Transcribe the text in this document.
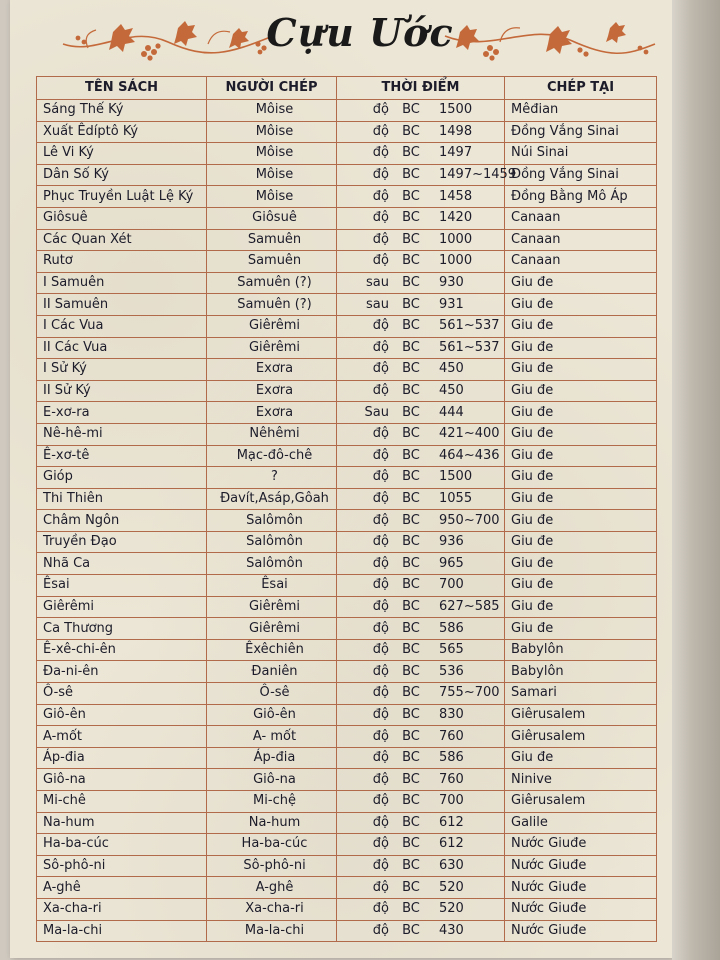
Cựu Ước
TÊN SÁCH	NGƯỜI CHÉP	THỜI ĐIỂM	CHÉP TẠI
Sáng Thế Ký	Môise	độ BC 1500	Mêđian
Xuất Êdíptô Ký	Môise	độ BC 1498	Đồng Vắng Sinai
Lê Vi Ký	Môise	độ BC 1497	Núi Sinai
Dân Số Ký	Môise	độ BC 1497~1459	Đồng Vắng Sinai
Phục Truyền Luật Lệ Ký	Môise	độ BC 1458	Đồng Bằng Mô Áp
Giôsuê	Giôsuê	độ BC 1420	Canaan
Các Quan Xét	Samuên	độ BC 1000	Canaan
Rutơ	Samuên	độ BC 1000	Canaan
I Samuên	Samuên (?)	sau BC 930	Giu đe
II Samuên	Samuên (?)	sau BC 931	Giu đe
I Các Vua	Giêrêmi	độ BC 561~537	Giu đe
II Các Vua	Giêrêmi	độ BC 561~537	Giu đe
I Sử Ký	Exơra	độ BC 450	Giu đe
II Sử Ký	Exơra	độ BC 450	Giu đe
E-xơ-ra	Exơra	Sau BC 444	Giu đe
Nê-hê-mi	Nêhêmi	độ BC 421~400	Giu đe
Ê-xơ-tê	Mạc-đô-chê	độ BC 464~436	Giu đe
Gióp	?	độ BC 1500	Giu đe
Thi Thiên	Đavít,Asáp,Gôah	độ BC 1055	Giu đe
Châm Ngôn	Salômôn	độ BC 950~700	Giu đe
Truyền Đạo	Salômôn	độ BC 936	Giu đe
Nhã Ca	Salômôn	độ BC 965	Giu đe
Êsai	Êsai	độ BC 700	Giu đe
Giêrêmi	Giêrêmi	độ BC 627~585	Giu đe
Ca Thương	Giêrêmi	độ BC 586	Giu đe
Ê-xê-chi-ên	Êxêchiên	độ BC 565	Babylôn
Đa-ni-ên	Đaniên	độ BC 536	Babylôn
Ô-sê	Ô-sê	độ BC 755~700	Samari
Giô-ên	Giô-ên	độ BC 830	Giêrusalem
A-mốt	A- mốt	độ BC 760	Giêrusalem
Áp-đia	Áp-đia	độ BC 586	Giu đe
Giô-na	Giô-na	độ BC 760	Ninive
Mi-chê	Mi-chệ	độ BC 700	Giêrusalem
Na-hum	Na-hum	độ BC 612	Galile
Ha-ba-cúc	Ha-ba-cúc	độ BC 612	Nước Giuđe
Sô-phô-ni	Sô-phô-ni	độ BC 630	Nước Giuđe
A-ghê	A-ghê	độ BC 520	Nước Giuđe
Xa-cha-ri	Xa-cha-ri	độ BC 520	Nước Giuđe
Ma-la-chi	Ma-la-chi	độ BC 430	Nước Giuđe
